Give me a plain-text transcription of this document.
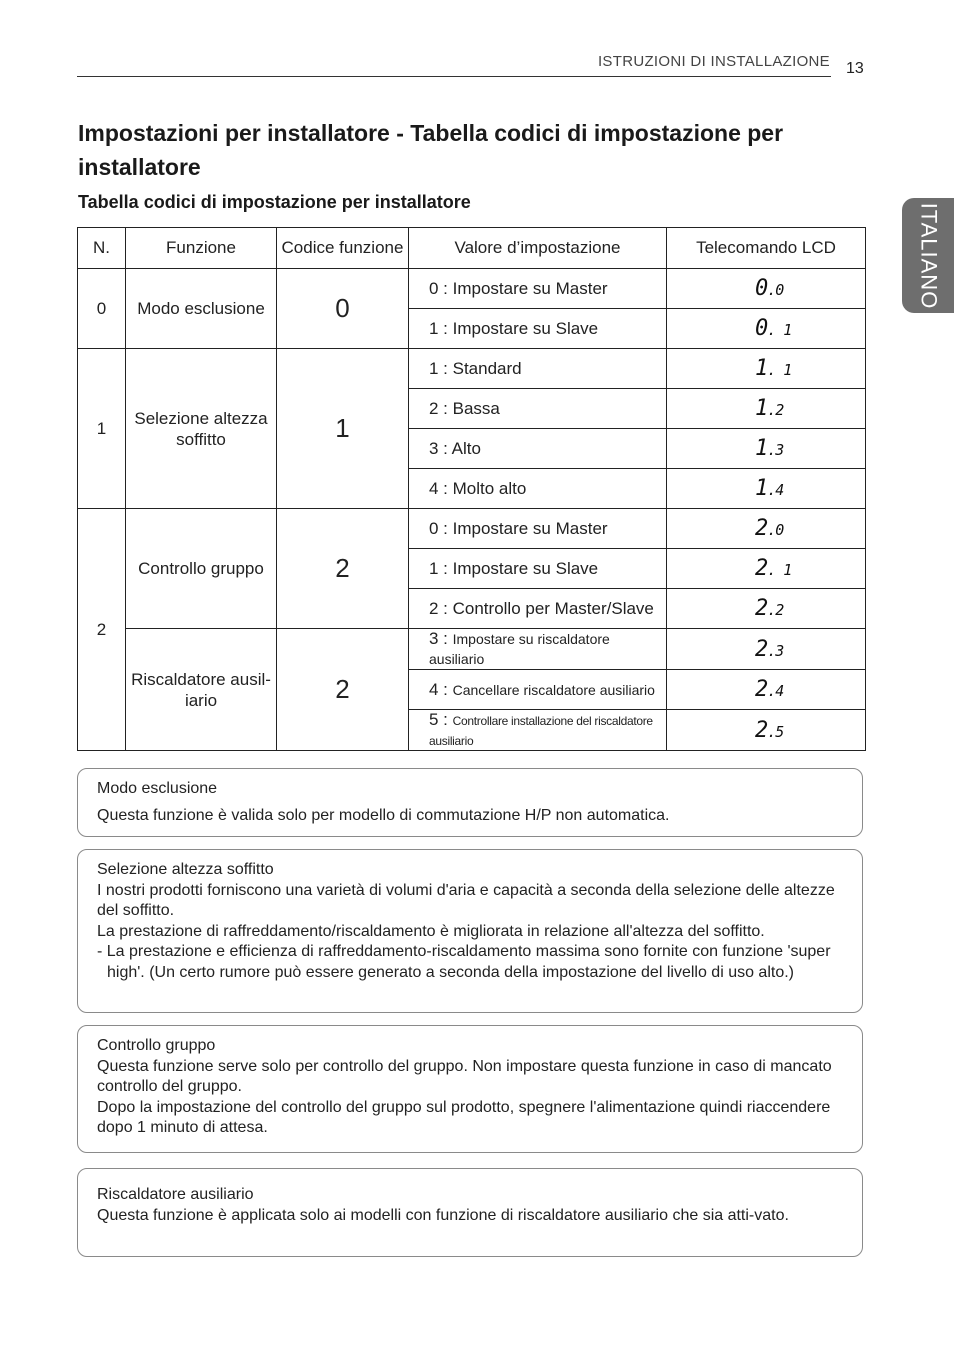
ISTRUZIONI DI INSTALLAZIONE 13
ITALIANO
Impostazioni per installatore - Tabella codici di impostazione per installatore
Tabella codici di impostazione per installatore
N.	Funzione	Codice funzione	Valore d’impostazione	Telecomando LCD
0	Modo esclusione	0	0 : Impostare su Master	0.0
			1 : Impostare su Slave	0. 1
1	Selezione altezza soffitto	1	1 : Standard	1. 1
			2 : Bassa	1.2
			3 : Alto	1.3
			4 : Molto alto	1.4
2	Controllo gruppo	2	0 : Impostare su Master	2.0
			1 : Impostare su Slave	2. 1
			2 : Controllo per Master/Slave	2.2
	Riscaldatore ausil-iario	2	3 : Impostare su riscaldatore ausiliario	2.3
			4 : Cancellare riscaldatore ausiliario	2.4
			5 : Controllare installazione del riscaldatore ausiliario	2.5
Modo esclusione

Questa funzione è valida solo per modello di commutazione H/P non automatica.

Selezione altezza soffitto

I nostri prodotti forniscono una varietà di volumi d'aria e capacità a seconda della selezione delle altezze del soffitto.

La prestazione di raffreddamento/riscaldamento è migliorata in relazione all'altezza del soffitto.

- La prestazione e efficienza di raffreddamento-riscaldamento massima sono fornite con funzione 'super high'. (Un certo rumore può essere generato a seconda della impostazione del livello di uso alto.)

Controllo gruppo

Questa funzione serve solo per controllo del gruppo. Non impostare questa funzione in caso di mancato controllo del gruppo.

Dopo la impostazione del controllo del gruppo sul prodotto, spegnere l'alimentazione quindi riaccendere dopo 1 minuto di attesa.

Riscaldatore ausiliario

Questa funzione è applicata solo ai modelli con funzione di riscaldatore ausiliario che sia atti-vato.
